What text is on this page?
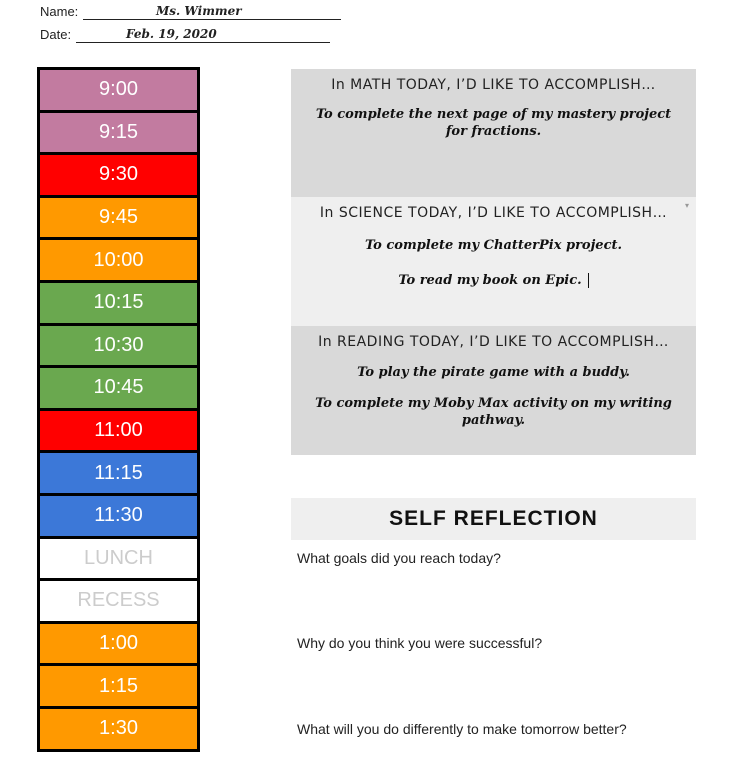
Name:	Ms. Wimmer
Date:	Feb. 19, 2020
9:00
9:15
9:30
9:45
10:00
10:15
10:30
10:45
11:00
11:15
11:30
LUNCH
RECESS
1:00
1:15
1:30
In MATH TODAY, I’D LIKE TO ACCOMPLISH…
To complete the next page of my mastery project for fractions.
▾
In SCIENCE TODAY, I’D LIKE TO ACCOMPLISH…
To complete my ChatterPix project.
To read my book on Epic.
In READING TODAY, I’D LIKE TO ACCOMPLISH…
To play the pirate game with a buddy.
To complete my Moby Max activity on my writing pathway.
SELF REFLECTION
What goals did you reach today?
Why do you think you were successful?
What will you do differently to make tomorrow better?
